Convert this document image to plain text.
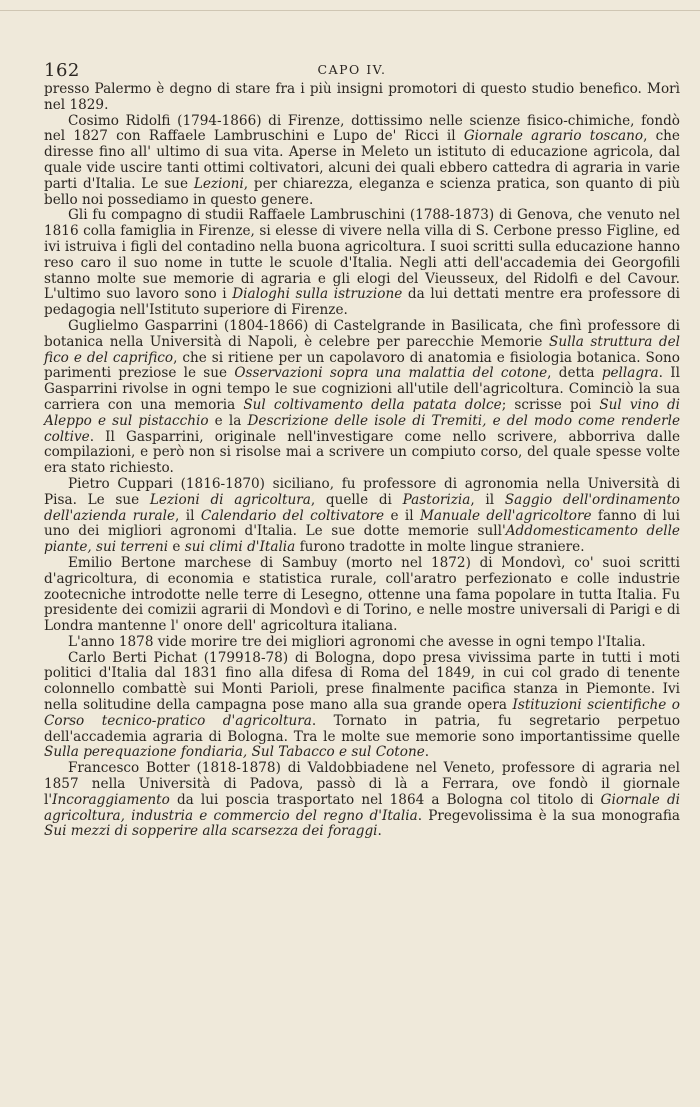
162	CAPO IV.

presso Palermo è degno di stare fra i più insigni promotori di questo studio benefico. Morì nel 1829.

Cosimo Ridolfi (1794-1866) di Firenze, dottissimo nelle scienze fisico-chimiche, fondò nel 1827 con Raffaele Lambruschini e Lupo de' Ricci il Giornale agrario toscano, che diresse fino all' ultimo di sua vita. Aperse in Meleto un istituto di educazione agricola, dal quale vide uscire tanti ottimi coltivatori, alcuni dei quali ebbero cattedra di agraria in varie parti d'Italia. Le sue Lezioni, per chiarezza, eleganza e scienza pratica, son quanto di più bello noi possediamo in questo genere.

Gli fu compagno di studii Raffaele Lambruschini (1788-1873) di Genova, che venuto nel 1816 colla famiglia in Firenze, si elesse di vivere nella villa di S. Cerbone presso Figline, ed ivi istruiva i figli del contadino nella buona agricoltura. I suoi scritti sulla educazione hanno reso caro il suo nome in tutte le scuole d'Italia. Negli atti dell'accademia dei Georgofili stanno molte sue memorie di agraria e gli elogi del Vieusseux, del Ridolfi e del Cavour. L'ultimo suo lavoro sono i Dialoghi sulla istruzione da lui dettati mentre era professore di pedagogia nell'Istituto superiore di Firenze.

Guglielmo Gasparrini (1804-1866) di Castelgrande in Basilicata, che finì professore di botanica nella Università di Napoli, è celebre per parecchie Memorie Sulla struttura del fico e del caprifico, che si ritiene per un capolavoro di anatomia e fisiologia botanica. Sono parimenti preziose le sue Osservazioni sopra una malattia del cotone, detta pellagra. Il Gasparrini rivolse in ogni tempo le sue cognizioni all'utile dell'agricoltura. Cominciò la sua carriera con una memoria Sul coltivamento della patata dolce; scrisse poi Sul vino di Aleppo e sul pistacchio e la Descrizione delle isole di Tremiti, e del modo come renderle coltive. Il Gasparrini, originale nell'investigare come nello scrivere, abborriva dalle compilazioni, e però non si risolse mai a scrivere un compiuto corso, del quale spesse volte era stato richiesto.

Pietro Cuppari (1816-1870) siciliano, fu professore di agronomia nella Università di Pisa. Le sue Lezioni di agricoltura, quelle di Pastorizia, il Saggio dell'ordinamento dell'azienda rurale, il Calendario del coltivatore e il Manuale dell'agricoltore fanno di lui uno dei migliori agronomi d'Italia. Le sue dotte memorie sull'Addomesticamento delle piante, sui terreni e sui climi d'Italia furono tradotte in molte lingue straniere.

Emilio Bertone marchese di Sambuy (morto nel 1872) di Mondovì, co' suoi scritti d'agricoltura, di economia e statistica rurale, coll'aratro perfezionato e colle industrie zootecniche introdotte nelle terre di Lesegno, ottenne una fama popolare in tutta Italia. Fu presidente dei comizii agrarii di Mondovì e di Torino, e nelle mostre universali di Parigi e di Londra mantenne l' onore dell' agricoltura italiana.

L'anno 1878 vide morire tre dei migliori agronomi che avesse in ogni tempo l'Italia.

Carlo Berti Pichat (179918-78) di Bologna, dopo presa vivissima parte in tutti i moti politici d'Italia dal 1831 fino alla difesa di Roma del 1849, in cui col grado di tenente colonnello combattè sui Monti Parioli, prese finalmente pacifica stanza in Piemonte. Ivi nella solitudine della campagna pose mano alla sua grande opera Istituzioni scientifiche o Corso tecnico-pratico d'agricoltura. Tornato in patria, fu segretario perpetuo dell'accademia agraria di Bologna. Tra le molte sue memorie sono importantissime quelle Sulla perequazione fondiaria, Sul Tabacco e sul Cotone.

Francesco Botter (1818-1878) di Valdobbiadene nel Veneto, professore di agraria nel 1857 nella Università di Padova, passò di là a Ferrara, ove fondò il giornale l'Incoraggiamento da lui poscia trasportato nel 1864 a Bologna col titolo di Giornale di agricoltura, industria e commercio del regno d'Italia. Pregevolissima è la sua monografia Sui mezzi di sopperire alla scarsezza dei foraggi.
